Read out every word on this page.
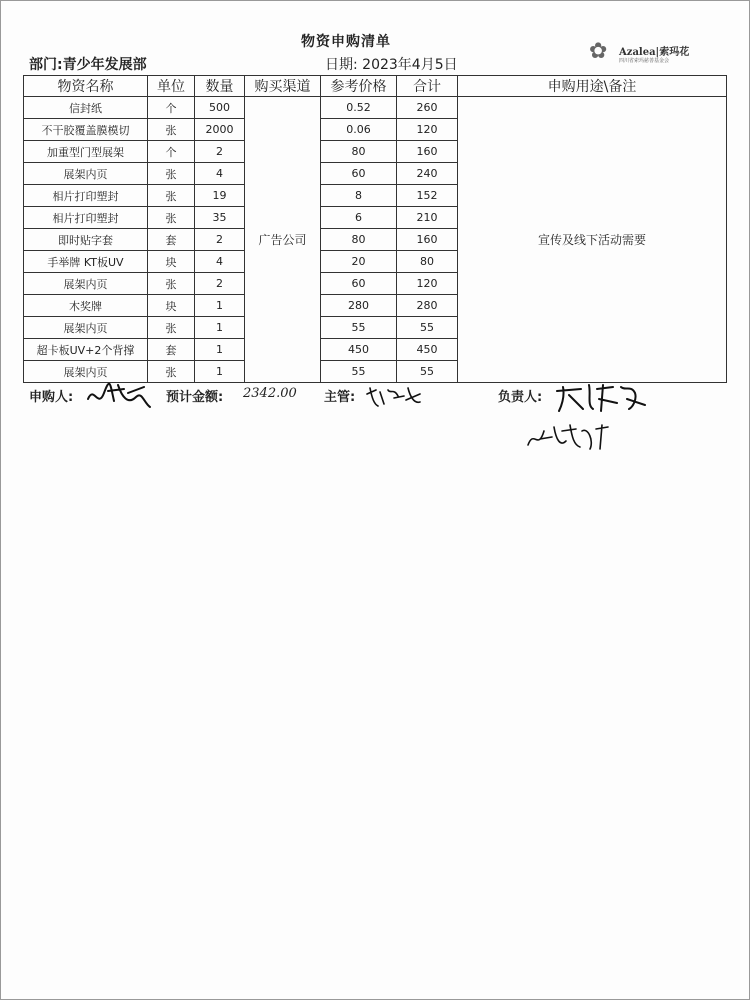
物资申购清单
部门:青少年发展部	日期: 2023年4月5日
✿ Azalea|索玛花
四川省索玛慈善基金会
物资名称	单位	数量	购买渠道	参考价格	合计	申购用途\备注
信封纸	个	500	广告公司	0.52	260	宣传及线下活动需要
不干胶覆盖膜模切	张	2000		0.06	120	
加重型门型展架	个	2		80	160	
展架内页	张	4		60	240	
相片打印塑封	张	19		8	152	
相片打印塑封	张	35		6	210	
即时贴字套	套	2		80	160	
手举牌 KT板UV	块	4		20	80	
展架内页	张	2		60	120	
木奖牌	块	1		280	280	
展架内页	张	1		55	55	
超卡板UV+2个背撑	套	1		450	450	
展架内页	张	1		55	55	
申购人:	预计金额: 2342.00 主管:	负责人:
